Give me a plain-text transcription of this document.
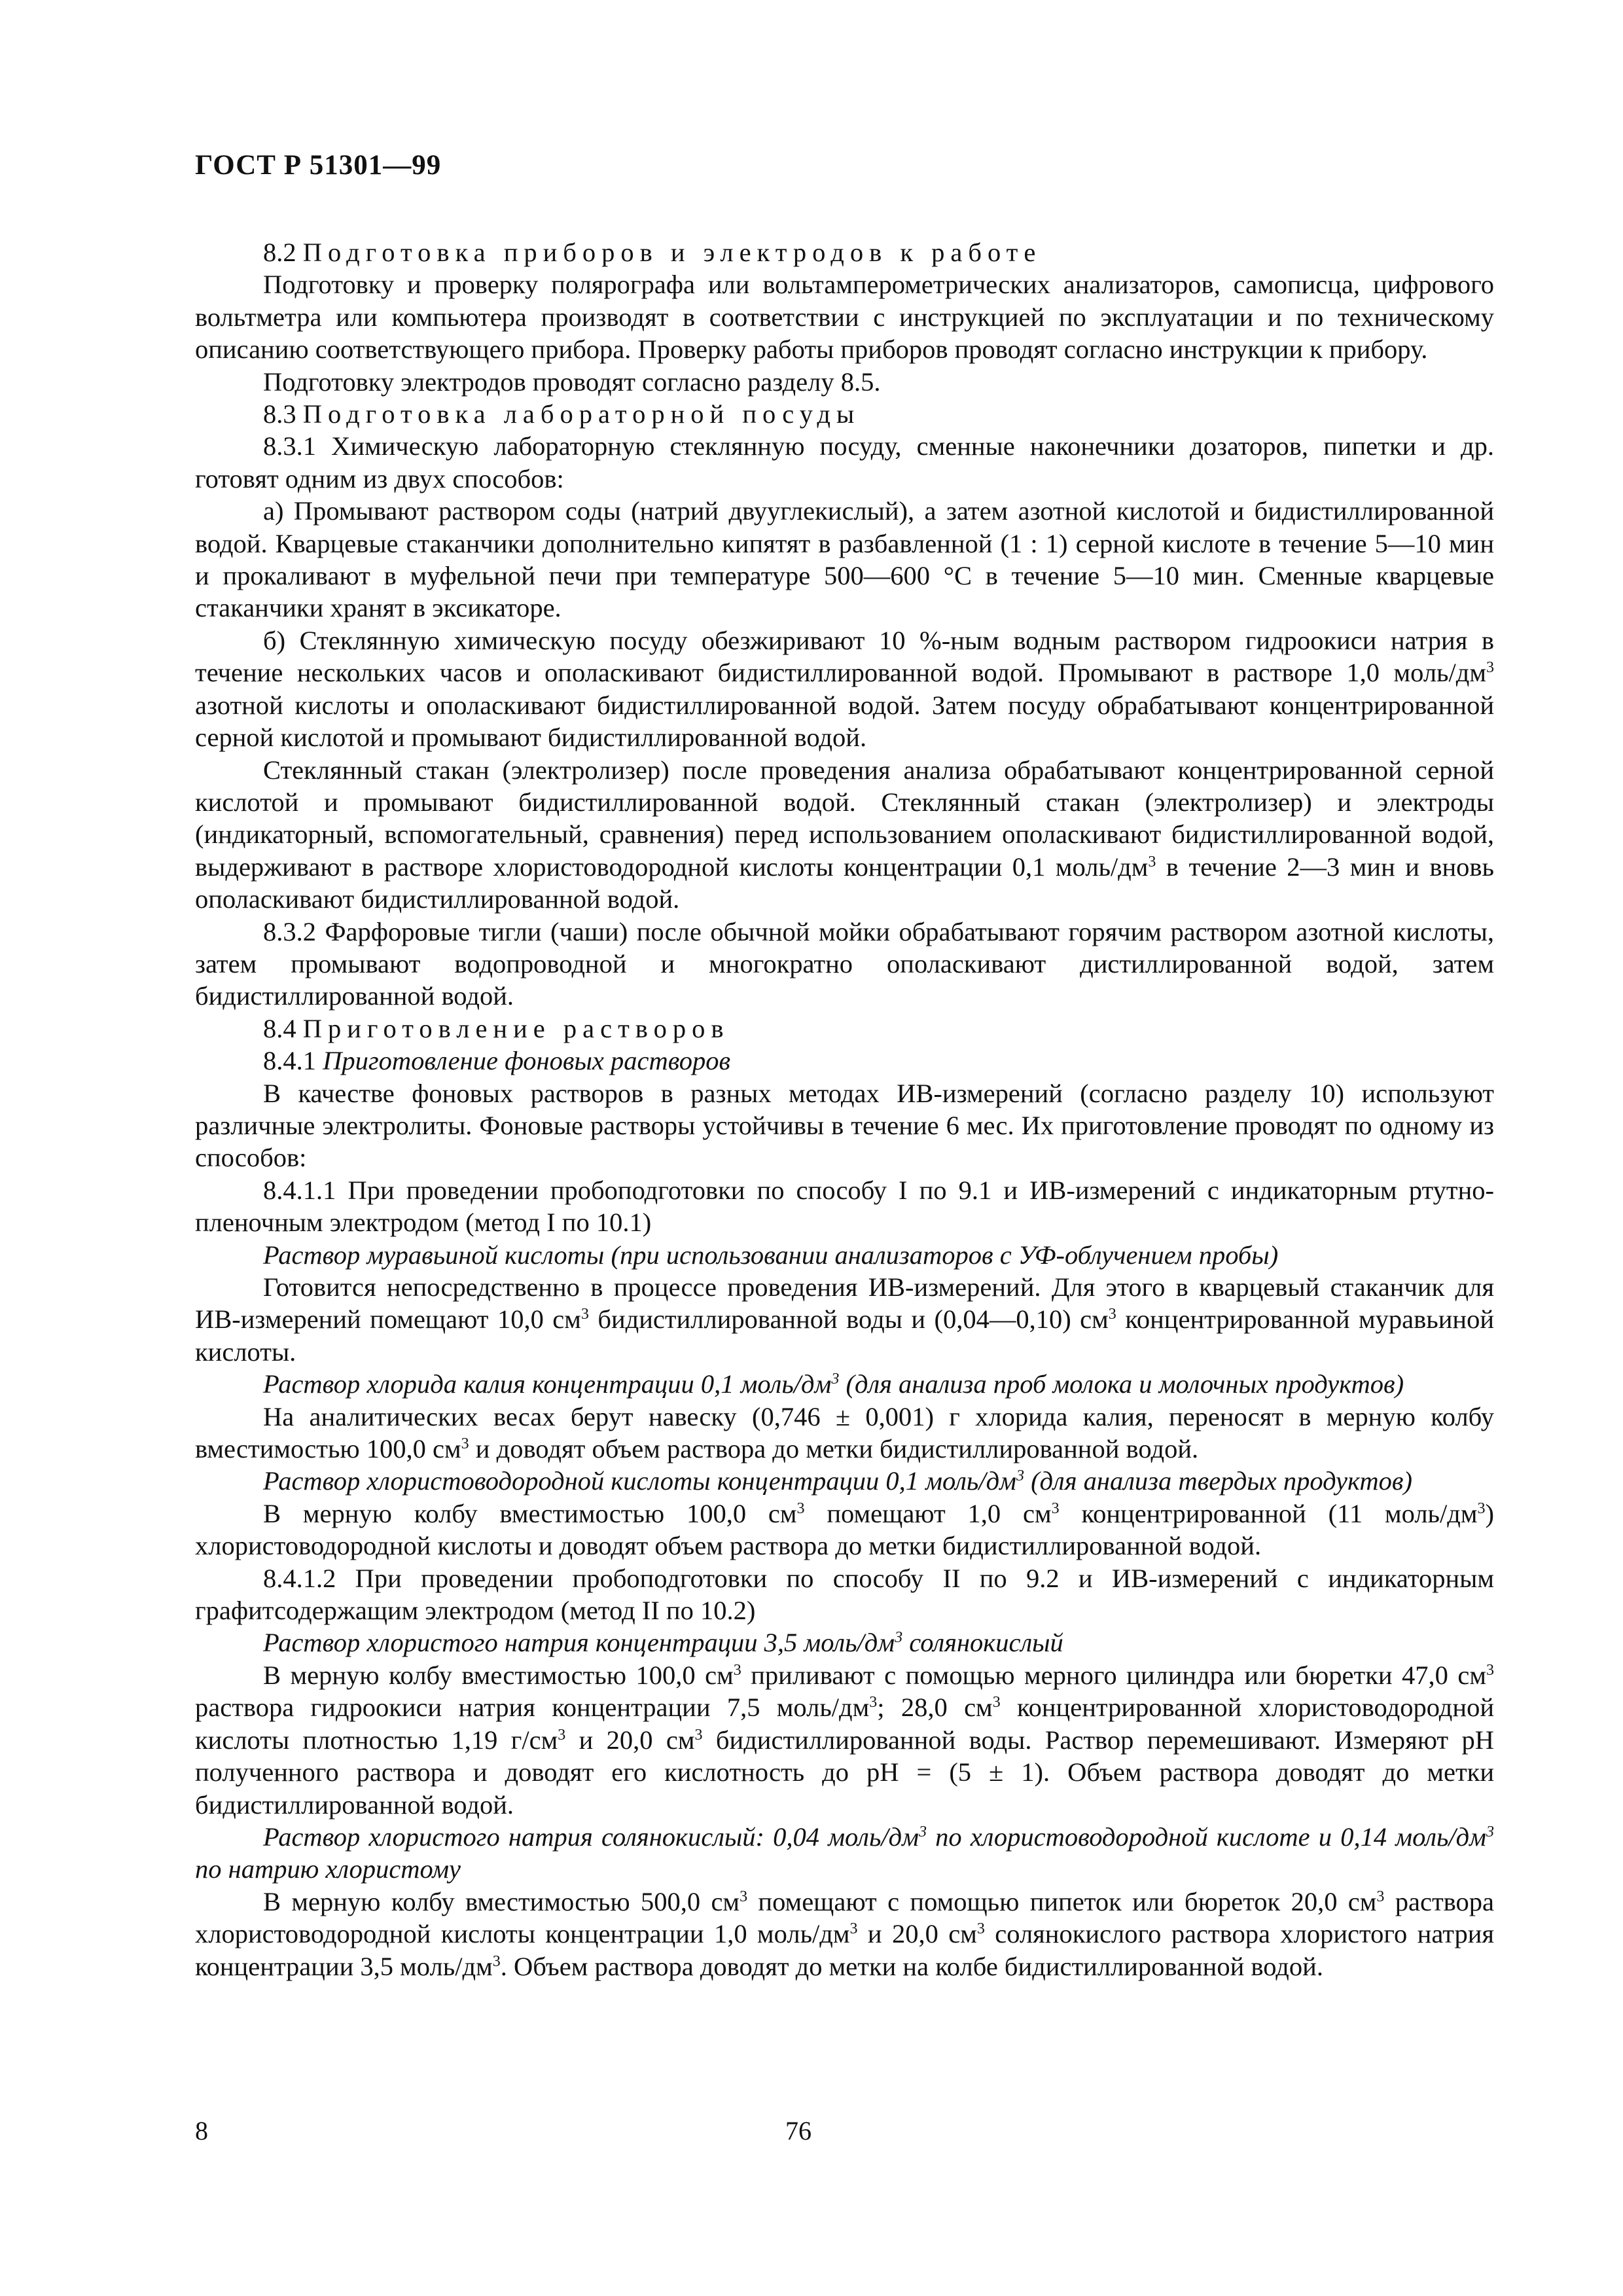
ГОСТ Р 51301—99

8.2 Подготовка приборов и электродов к работе

Подготовку и проверку полярографа или вольтамперометрических анализаторов, самописца, цифрового вольтметра или компьютера производят в соответствии с инструкцией по эксплуатации и по техническому описанию соответствующего прибора. Проверку работы приборов проводят согласно инструкции к прибору.

Подготовку электродов проводят согласно разделу 8.5.

8.3 Подготовка лабораторной посуды

8.3.1 Химическую лабораторную стеклянную посуду, сменные наконечники дозаторов, пипетки и др. готовят одним из двух способов:

а) Промывают раствором соды (натрий двууглекислый), а затем азотной кислотой и бидистиллированной водой. Кварцевые стаканчики дополнительно кипятят в разбавленной (1 : 1) серной кислоте в течение 5—10 мин и прокаливают в муфельной печи при температуре 500—600 °С в течение 5—10 мин. Сменные кварцевые стаканчики хранят в эксикаторе.

б) Стеклянную химическую посуду обезжиривают 10 %-ным водным раствором гидроокиси натрия в течение нескольких часов и ополаскивают бидистиллированной водой. Промывают в растворе 1,0 моль/$дм^3$ азотной кислоты и ополаскивают бидистиллированной водой. Затем посуду обрабатывают концентрированной серной кислотой и промывают бидистиллированной водой.

Стеклянный стакан (электролизер) после проведения анализа обрабатывают концентрированной серной кислотой и промывают бидистиллированной водой. Стеклянный стакан (электролизер) и электроды (индикаторный, вспомогательный, сравнения) перед использованием ополаскивают бидистиллированной водой, выдерживают в растворе хлористоводородной кислоты концентрации 0,1 моль/$дм^3$ в течение 2—3 мин и вновь ополаскивают бидистиллированной водой.

8.3.2 Фарфоровые тигли (чаши) после обычной мойки обрабатывают горячим раствором азотной кислоты, затем промывают водопроводной и многократно ополаскивают дистиллированной водой, затем бидистиллированной водой.

8.4 Приготовление растворов

8.4.1 Приготовление фоновых растворов

В качестве фоновых растворов в разных методах ИВ-измерений (согласно разделу 10) используют различные электролиты. Фоновые растворы устойчивы в течение 6 мес. Их приготовление проводят по одному из способов:

8.4.1.1 При проведении пробоподготовки по способу I по 9.1 и ИВ-измерений с индикаторным ртутно-пленочным электродом (метод I по 10.1)

Раствор муравьиной кислоты (при использовании анализаторов с УФ-облучением пробы)

Готовится непосредственно в процессе проведения ИВ-измерений. Для этого в кварцевый стаканчик для ИВ-измерений помещают 10,0 $см^3$ бидистиллированной воды и (0,04—0,10) $см^3$ концентрированной муравьиной кислоты.

Раствор хлорида калия концентрации 0,1 моль/$дм^3$ (для анализа проб молока и молочных продуктов)

На аналитических весах берут навеску (0,746 ± 0,001) г хлорида калия, переносят в мерную колбу вместимостью 100,0 $см^3$ и доводят объем раствора до метки бидистиллированной водой.

Раствор хлористоводородной кислоты концентрации 0,1 моль/$дм^3$ (для анализа твердых продуктов)

В мерную колбу вместимостью 100,0 $см^3$ помещают 1,0 $см^3$ концентрированной (11 моль/$дм^3$) хлористоводородной кислоты и доводят объем раствора до метки бидистиллированной водой.

8.4.1.2 При проведении пробоподготовки по способу II по 9.2 и ИВ-измерений с индикаторным графитсодержащим электродом (метод II по 10.2)

Раствор хлористого натрия концентрации 3,5 моль/$дм^3$ солянокислый

В мерную колбу вместимостью 100,0 $см^3$ приливают с помощью мерного цилиндра или бюретки 47,0 $см^3$ раствора гидроокиси натрия концентрации 7,5 моль/$дм^3$; 28,0 $см^3$ концентрированной хлористоводородной кислоты плотностью 1,19 $г/см^3$ и 20,0 $см^3$ бидистиллированной воды. Раствор перемешивают. Измеряют рН полученного раствора и доводят его кислотность до рН = (5 ± 1). Объем раствора доводят до метки бидистиллированной водой.

Раствор хлористого натрия солянокислый: 0,04 моль/$дм^3$ по хлористоводородной кислоте и 0,14 моль/$дм^3$ по натрию хлористому

В мерную колбу вместимостью 500,0 $см^3$ помещают с помощью пипеток или бюреток 20,0 $см^3$ раствора хлористоводородной кислоты концентрации 1,0 моль/$дм^3$ и 20,0 $см^3$ солянокислого раствора хлористого натрия концентрации 3,5 моль/$дм^3$. Объем раствора доводят до метки на колбе бидистиллированной водой.

8	76
